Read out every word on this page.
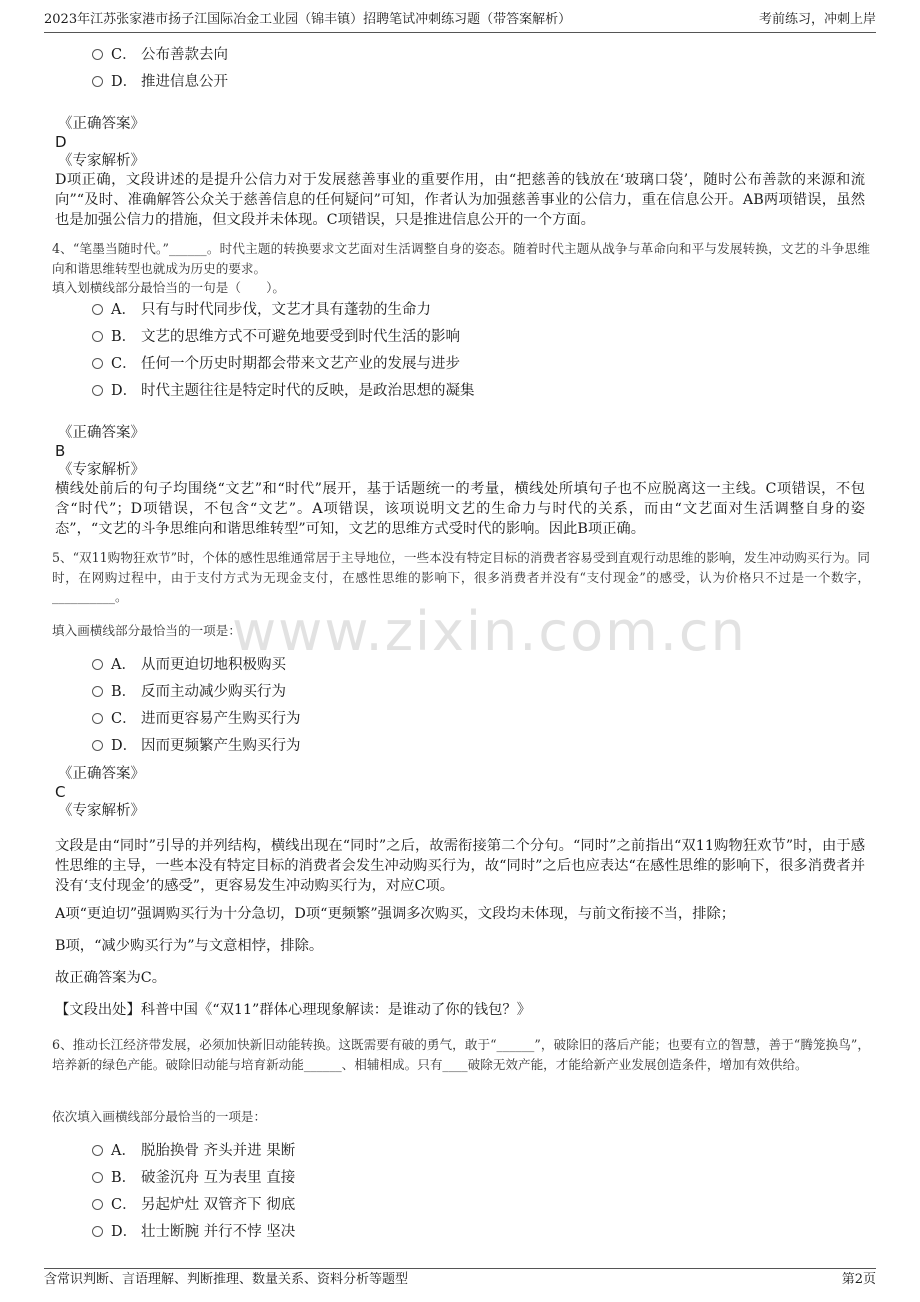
2023年江苏张家港市扬子江国际冶金工业园（锦丰镇）招聘笔试冲刺练习题（带答案解析）	考前练习，冲刺上岸
www.zixin.com.cn
C． 公布善款去向
D． 推进信息公开
《正确答案》
D
《专家解析》
D项正确，文段讲述的是提升公信力对于发展慈善事业的重要作用，由“把慈善的钱放在‘玻璃口袋’，随时公布善款的来源和流向”“及时、准确解答公众关于慈善信息的任何疑问”可知，作者认为加强慈善事业的公信力，重在信息公开。AB两项错误，虽然也是加强公信力的措施，但文段并未体现。C项错误，只是推进信息公开的一个方面。
4、“笔墨当随时代。”______。时代主题的转换要求文艺面对生活调整自身的姿态。随着时代主题从战争与革命向和平与发展转换，文艺的斗争思维向和谐思维转型也就成为历史的要求。
填入划横线部分最恰当的一句是（　　）。
A． 只有与时代同步伐，文艺才具有蓬勃的生命力
B． 文艺的思维方式不可避免地要受到时代生活的影响
C． 任何一个历史时期都会带来文艺产业的发展与进步
D． 时代主题往往是特定时代的反映，是政治思想的凝集
《正确答案》
B
《专家解析》
横线处前后的句子均围绕“文艺”和“时代”展开，基于话题统一的考量，横线处所填句子也不应脱离这一主线。C项错误，不包含“时代”；D项错误，不包含“文艺”。A项错误，该项说明文艺的生命力与时代的关系，而由“文艺面对生活调整自身的姿态”，“文艺的斗争思维向和谐思维转型”可知，文艺的思维方式受时代的影响。因此B项正确。
5、“双11购物狂欢节”时，个体的感性思维通常居于主导地位，一些本没有特定目标的消费者容易受到直观行动思维的影响，发生冲动购买行为。同时，在网购过程中，由于支付方式为无现金支付，在感性思维的影响下，很多消费者并没有“支付现金”的感受，认为价格只不过是一个数字，__________。
填入画横线部分最恰当的一项是：
A． 从而更迫切地积极购买
B． 反而主动减少购买行为
C． 进而更容易产生购买行为
D． 因而更频繁产生购买行为
《正确答案》
C
《专家解析》
文段是由“同时”引导的并列结构，横线出现在“同时”之后，故需衔接第二个分句。“同时”之前指出“双11购物狂欢节”时，由于感性思维的主导，一些本没有特定目标的消费者会发生冲动购买行为，故“同时”之后也应表达“在感性思维的影响下，很多消费者并没有‘支付现金’的感受”，更容易发生冲动购买行为，对应C项。
A项“更迫切”强调购买行为十分急切，D项“更频繁”强调多次购买，文段均未体现，与前文衔接不当，排除；
B项，“减少购买行为”与文意相悖，排除。
故正确答案为C。
【文段出处】科普中国《“双11”群体心理现象解读：是谁动了你的钱包？》
6、推动长江经济带发展，必须加快新旧动能转换。这既需要有破的勇气，敢于“______”，破除旧的落后产能；也要有立的智慧，善于“腾笼换鸟”，培养新的绿色产能。破除旧动能与培育新动能______、相辅相成。只有____破除无效产能，才能给新产业发展创造条件，增加有效供给。
依次填入画横线部分最恰当的一项是：
A． 脱胎换骨 齐头并进 果断
B． 破釜沉舟 互为表里 直接
C． 另起炉灶 双管齐下 彻底
D． 壮士断腕 并行不悖 坚决
含常识判断、言语理解、判断推理、数量关系、资料分析等题型	第2页
